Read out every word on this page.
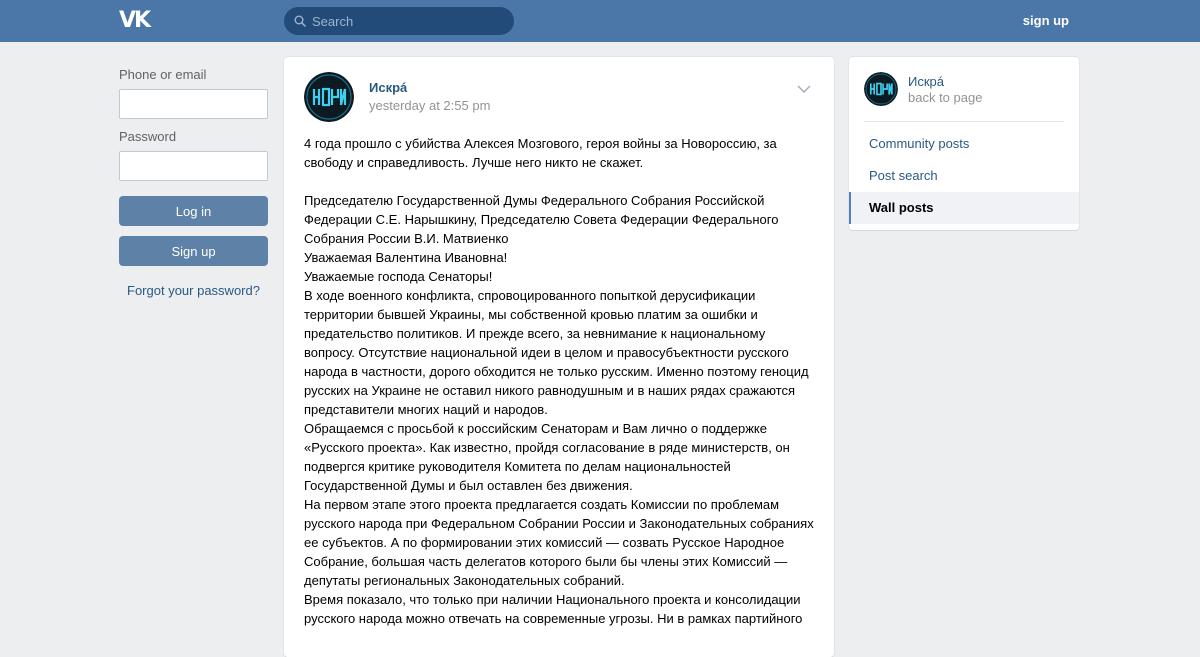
VK
Search	sign up
Phone or email
Password
Log in
Sign up
Forgot your password?
Искрá
yesterday at 2:55 pm

4 года прошло с убийства Алексея Мозгового, героя войны за Новороссию, за свободу и справедливость. Лучше него никто не скажет.

Председателю Государственной Думы Федерального Собрания Российской Федерации С.Е. Нарышкину, Председателю Совета Федерации Федерального Собрания России В.И. Матвиенко

Уважаемая Валентина Ивановна!

Уважаемые господа Сенаторы!

В ходе военного конфликта, спровоцированного попыткой дерусификации территории бывшей Украины, мы собственной кровью платим за ошибки и предательство политиков. И прежде всего, за невнимание к национальному вопросу. Отсутствие национальной идеи в целом и правосубъектности русского народа в частности, дорого обходится не только русским. Именно поэтому геноцид русских на Украине не оставил никого равнодушным и в наших рядах сражаются представители многих наций и народов.

Обращаемся с просьбой к российским Сенаторам и Вам лично о поддержке «Русского проекта». Как известно, пройдя согласование в ряде министерств, он подвергся критике руководителя Комитета по делам национальностей Государственной Думы и был оставлен без движения.

На первом этапе этого проекта предлагается создать Комиссии по проблемам русского народа при Федеральном Собрании России и Законодательных собраниях ее субъектов. А по формировании этих комиссий — созвать Русское Народное Собрание, большая часть делегатов которого были бы члены этих Комиссий — депутаты региональных Законодательных собраний.

Время показало, что только при наличии Национального проекта и консолидации русского народа можно отвечать на современные угрозы. Ни в рамках партийного

Искрá
back to page
Community posts
Post search
Wall posts
